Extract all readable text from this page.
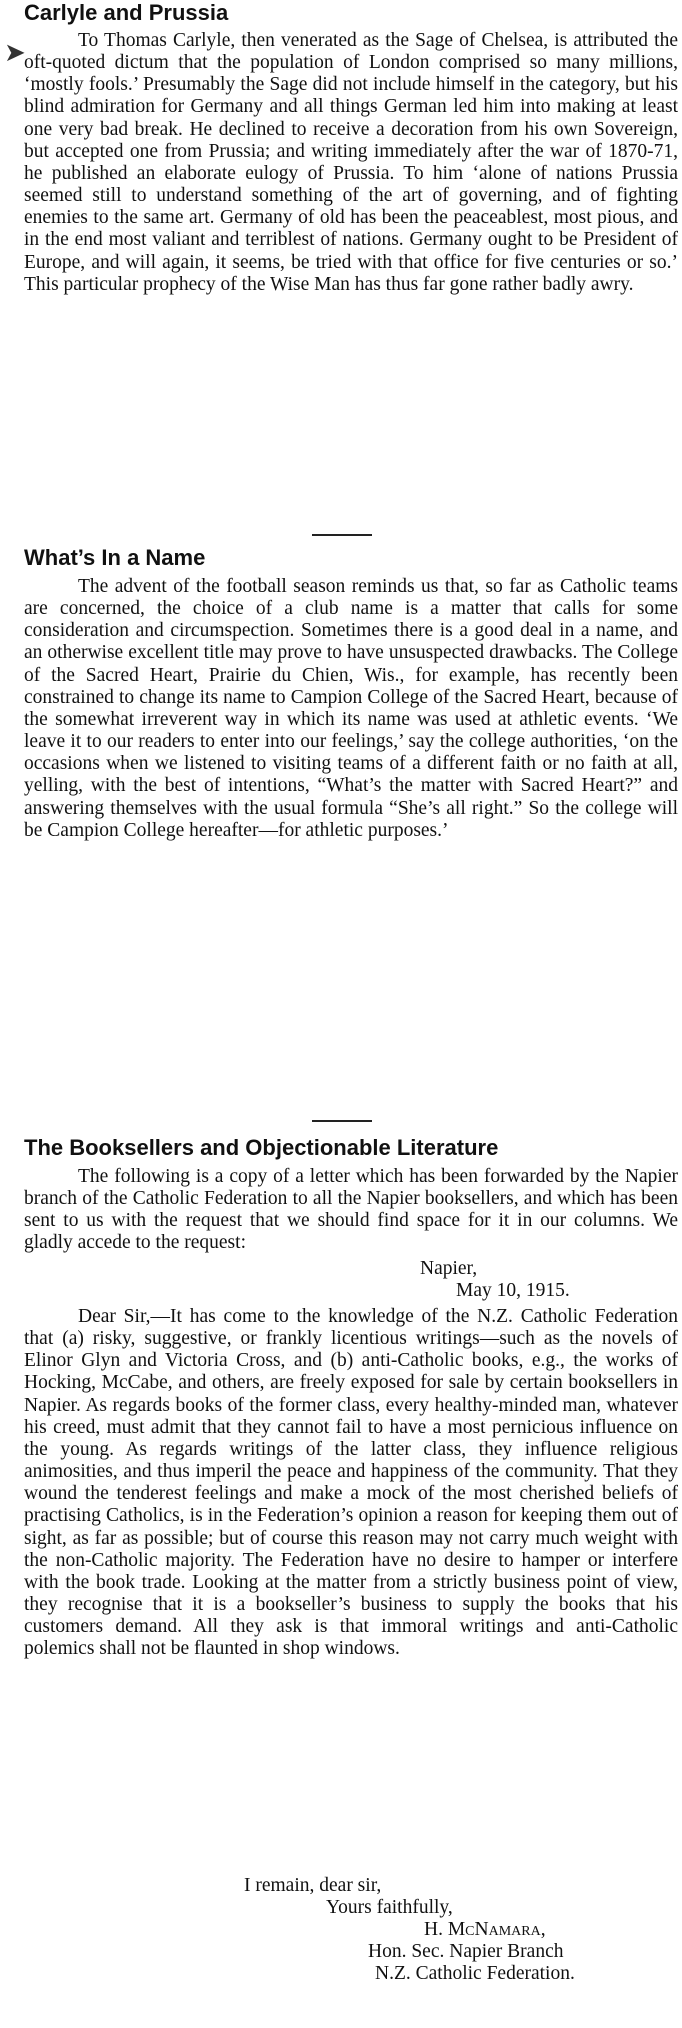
Carlyle and Prussia

To Thomas Carlyle, then venerated as the Sage of Chelsea, is attributed the oft-quoted dictum that the population of London comprised so many millions, ‘mostly fools.’ Presumably the Sage did not include himself in the category, but his blind admiration for Germany and all things German led him into making at least one very bad break. He declined to receive a decoration from his own Sovereign, but accepted one from Prussia; and writing immediately after the war of 1870-71, he published an elaborate eulogy of Prussia. To him ‘alone of nations Prussia seemed still to understand something of the art of governing, and of fighting enemies to the same art. Germany of old has been the peaceablest, most pious, and in the end most valiant and terriblest of nations. Germany ought to be President of Europe, and will again, it seems, be tried with that office for five centuries or so.’ This particular prophecy of the Wise Man has thus far gone rather badly awry.

What’s In a Name

The advent of the football season reminds us that, so far as Catholic teams are concerned, the choice of a club name is a matter that calls for some consideration and circumspection. Sometimes there is a good deal in a name, and an otherwise excellent title may prove to have unsuspected drawbacks. The College of the Sacred Heart, Prairie du Chien, Wis., for example, has recently been constrained to change its name to Campion College of the Sacred Heart, because of the somewhat irreverent way in which its name was used at athletic events. ‘We leave it to our readers to enter into our feelings,’ say the college authorities, ‘on the occasions when we listened to visiting teams of a different faith or no faith at all, yelling, with the best of intentions, “What’s the matter with Sacred Heart?” and answering themselves with the usual formula “She’s all right.” So the college will be Campion College hereafter—for athletic purposes.’

The Booksellers and Objectionable Literature

The following is a copy of a letter which has been forwarded by the Napier branch of the Catholic Federation to all the Napier booksellers, and which has been sent to us with the request that we should find space for it in our columns. We gladly accede to the request:

Napier,
May 10, 1915.

Dear Sir,—It has come to the knowledge of the N.Z. Catholic Federation that (a) risky, suggestive, or frankly licentious writings—such as the novels of Elinor Glyn and Victoria Cross, and (b) anti-Catholic books, e.g., the works of Hocking, McCabe, and others, are freely exposed for sale by certain booksellers in Napier. As regards books of the former class, every healthy-minded man, whatever his creed, must admit that they cannot fail to have a most pernicious influence on the young. As regards writings of the latter class, they influence religious animosities, and thus imperil the peace and happiness of the community. That they wound the tenderest feelings and make a mock of the most cherished beliefs of practising Catholics, is in the Federation’s opinion a reason for keeping them out of sight, as far as possible; but of course this reason may not carry much weight with the non-Catholic majority. The Federation have no desire to hamper or interfere with the book trade. Looking at the matter from a strictly business point of view, they recognise that it is a bookseller’s business to supply the books that his customers demand. All they ask is that immoral writings and anti-Catholic polemics shall not be flaunted in shop windows.

I remain, dear sir,
Yours faithfully,
H. McNamara,
Hon. Sec. Napier Branch
N.Z. Catholic Federation.
➤
